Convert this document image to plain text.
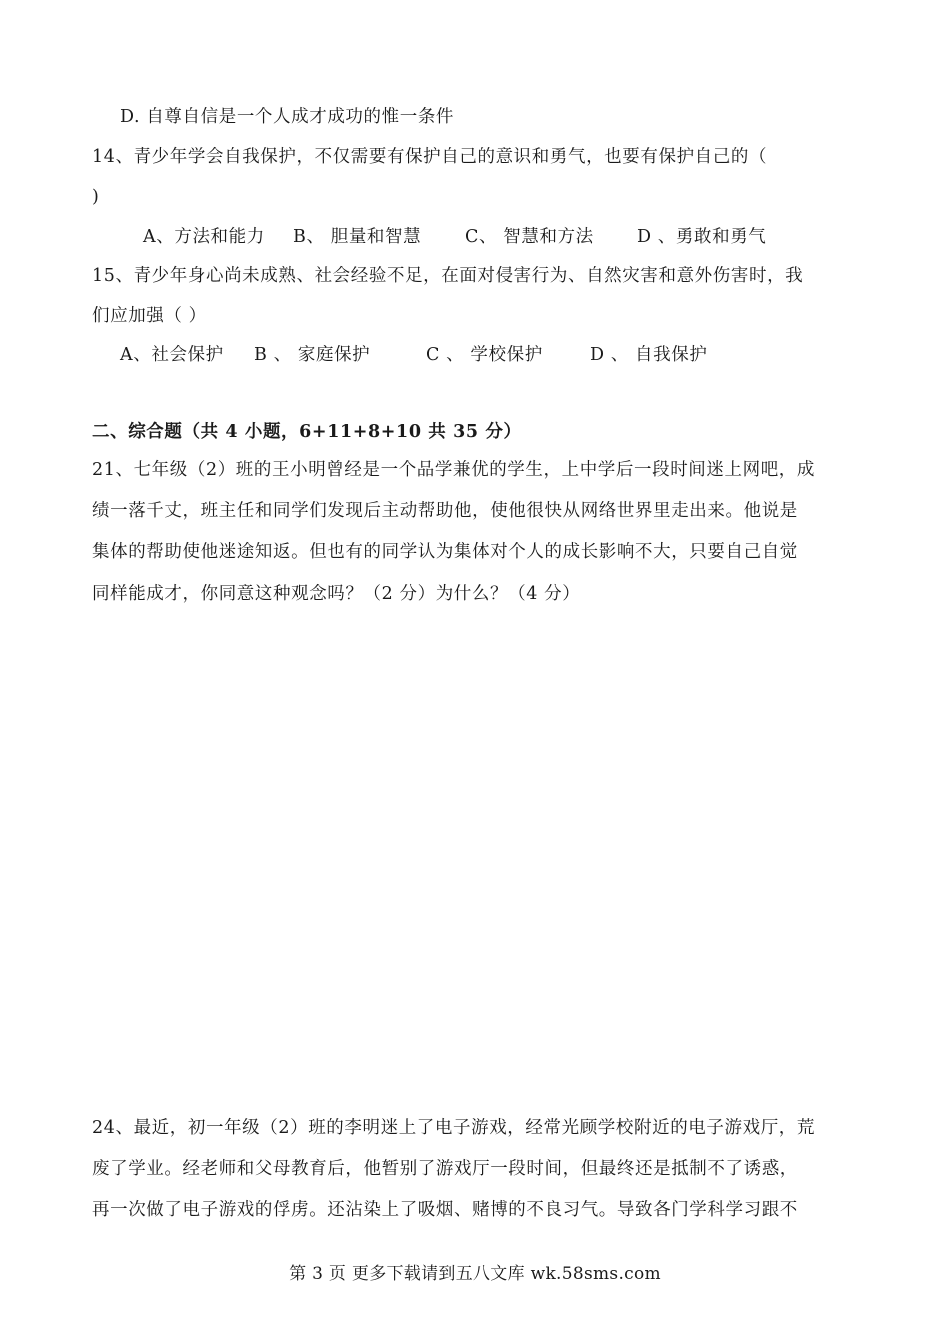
D. 自尊自信是一个人成才成功的惟一条件
14、青少年学会自我保护，不仅需要有保护自己的意识和勇气，也要有保护自己的（
)
A、方法和能力 B、 胆量和智慧	C、 智慧和方法 D 、勇敢和勇气
15、青少年身心尚未成熟、社会经验不足，在面对侵害行为、自然灾害和意外伤害时，我
们应加强（ ）
A、社会保护 B 、 家庭保护	C 、 学校保护	D 、 自我保护
二、综合题（共 4 小题，6+11+8+10 共 35 分）
21、七年级（2）班的王小明曾经是一个品学兼优的学生，上中学后一段时间迷上网吧，成
绩一落千丈，班主任和同学们发现后主动帮助他，使他很快从网络世界里走出来。他说是
集体的帮助使他迷途知返。但也有的同学认为集体对个人的成长影响不大，只要自己自觉
同样能成才，你同意这种观念吗？（2 分）为什么？（4 分）
24、最近，初一年级（2）班的李明迷上了电子游戏，经常光顾学校附近的电子游戏厅，荒
废了学业。经老师和父母教育后，他暂别了游戏厅一段时间，但最终还是抵制不了诱惑，
再一次做了电子游戏的俘虏。还沾染上了吸烟、赌博的不良习气。导致各门学科学习跟不
第 3 页 更多下载请到五八文库 wk.58sms.com
